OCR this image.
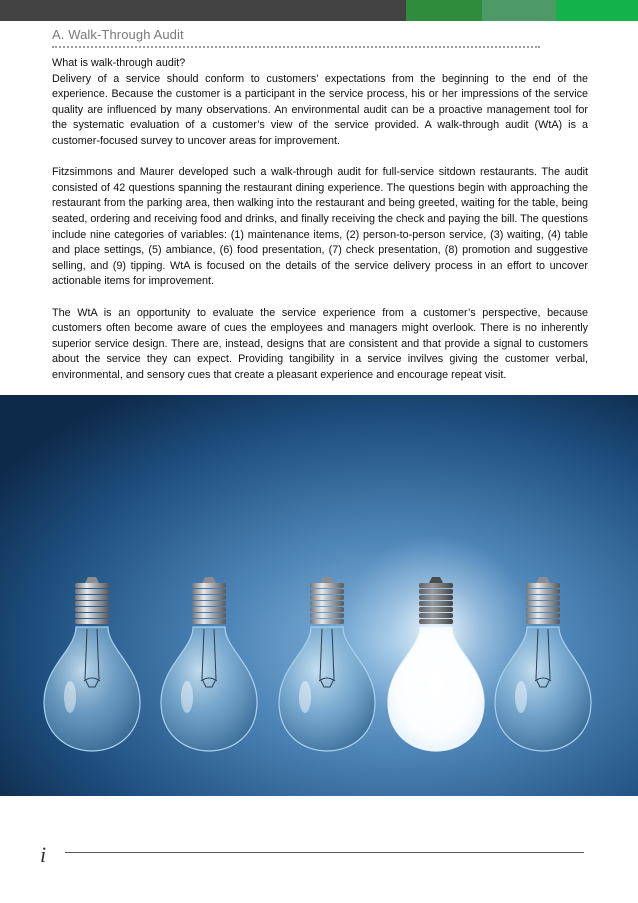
A. Walk-Through Audit
What is walk-through audit?

Delivery of a service should conform to customers’ expectations from the beginning to the end of the experience. Because the customer is a participant in the service process, his or her impressions of the service quality are influenced by many observations. An environmental audit can be a proactive management tool for the systematic evaluation of a customer’s view of the service provided. A walk-through audit (WtA) is a customer-focused survey to uncover areas for improvement.

Fitzsimmons and Maurer developed such a walk-through audit for full-service sitdown restaurants. The audit consisted of 42 questions spanning the restaurant dining experience. The questions begin with approaching the restaurant from the parking area, then walking into the restaurant and being greeted, waiting for the table, being seated, ordering and receiving food and drinks, and finally receiving the check and paying the bill. The questions include nine categories of variables: (1) maintenance items, (2) person-to-person service, (3) waiting, (4) table and place settings, (5) ambiance, (6) food presentation, (7) check presentation, (8) promotion and suggestive selling, and (9) tipping. WtA is focused on the details of the service delivery process in an effort to uncover actionable items for improvement.

The WtA is an opportunity to evaluate the service experience from a customer’s perspective, because customers often become aware of cues the employees and managers might overlook. There is no inherently superior service design. There are, instead, designs that are consistent and that provide a signal to customers about the service they can expect. Providing tangibility in a service invilves giving the customer verbal, environmental, and sensory cues that create a pleasant experience and encourage repeat visit.

i
